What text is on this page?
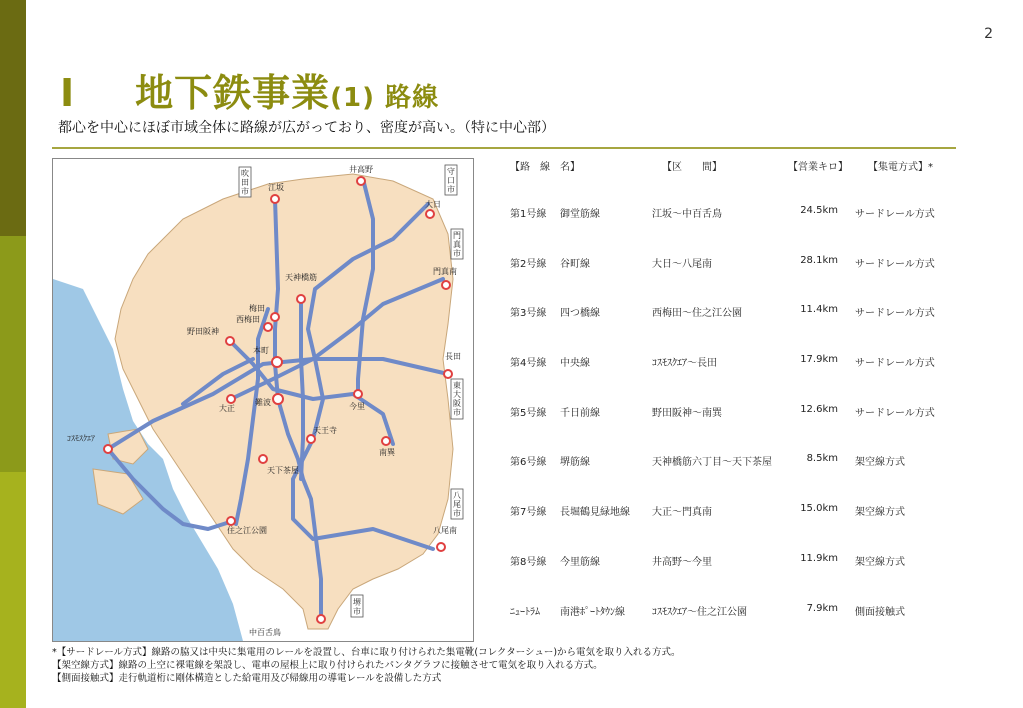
2
Ⅰ 地下鉄事業(1) 路線
都心を中心にほぼ市域全体に路線が広がっており、密度が高い。（特に中心部）
井高野
江坂
大日
門真南
天神橋筋
梅田
西梅田
野田阪神
本町
長田
大正
難波	今里
天王寺
南巽
ｺｽﾓｽｸｴｱ
天下茶屋
住之江公園	八尾南
中百舌鳥
吹
田
市
守
口
市
門
真
市
東
大
阪
市
八
尾
市
堺
市
【路　線　名】	【区　　間】	【営業キロ】 【集電方式】*
第1号線 御堂筋線	江坂～中百舌鳥	24.5km サードレール方式
第2号線 谷町線	大日～八尾南	28.1km サードレール方式
第3号線 四つ橋線	西梅田～住之江公園	11.4km サードレール方式
第4号線 中央線	ｺｽﾓｽｸｴｱ～長田	17.9km サードレール方式
第5号線 千日前線	野田阪神～南巽	12.6km サードレール方式
第6号線 堺筋線	天神橋筋六丁目～天下茶屋	8.5km 架空線方式
第7号線 長堀鶴見緑地線 大正～門真南	15.0km 架空線方式
第8号線 今里筋線	井高野～今里	11.9km 架空線方式
ﾆｭｰﾄﾗﾑ 南港ﾎﾟｰﾄﾀｳﾝ線	ｺｽﾓｽｸｴｱ～住之江公園	7.9km 側面接触式
*【サードレール方式】線路の脇又は中央に集電用のレールを設置し、台車に取り付けられた集電靴(コレクターシュー)から電気を取り入れる方式。
【架空線方式】線路の上空に裸電線を架設し、電車の屋根上に取り付けられたパンタグラフに接触させて電気を取り入れる方式。
【側面接触式】走行軌道桁に剛体構造とした給電用及び帰線用の導電レールを設備した方式
